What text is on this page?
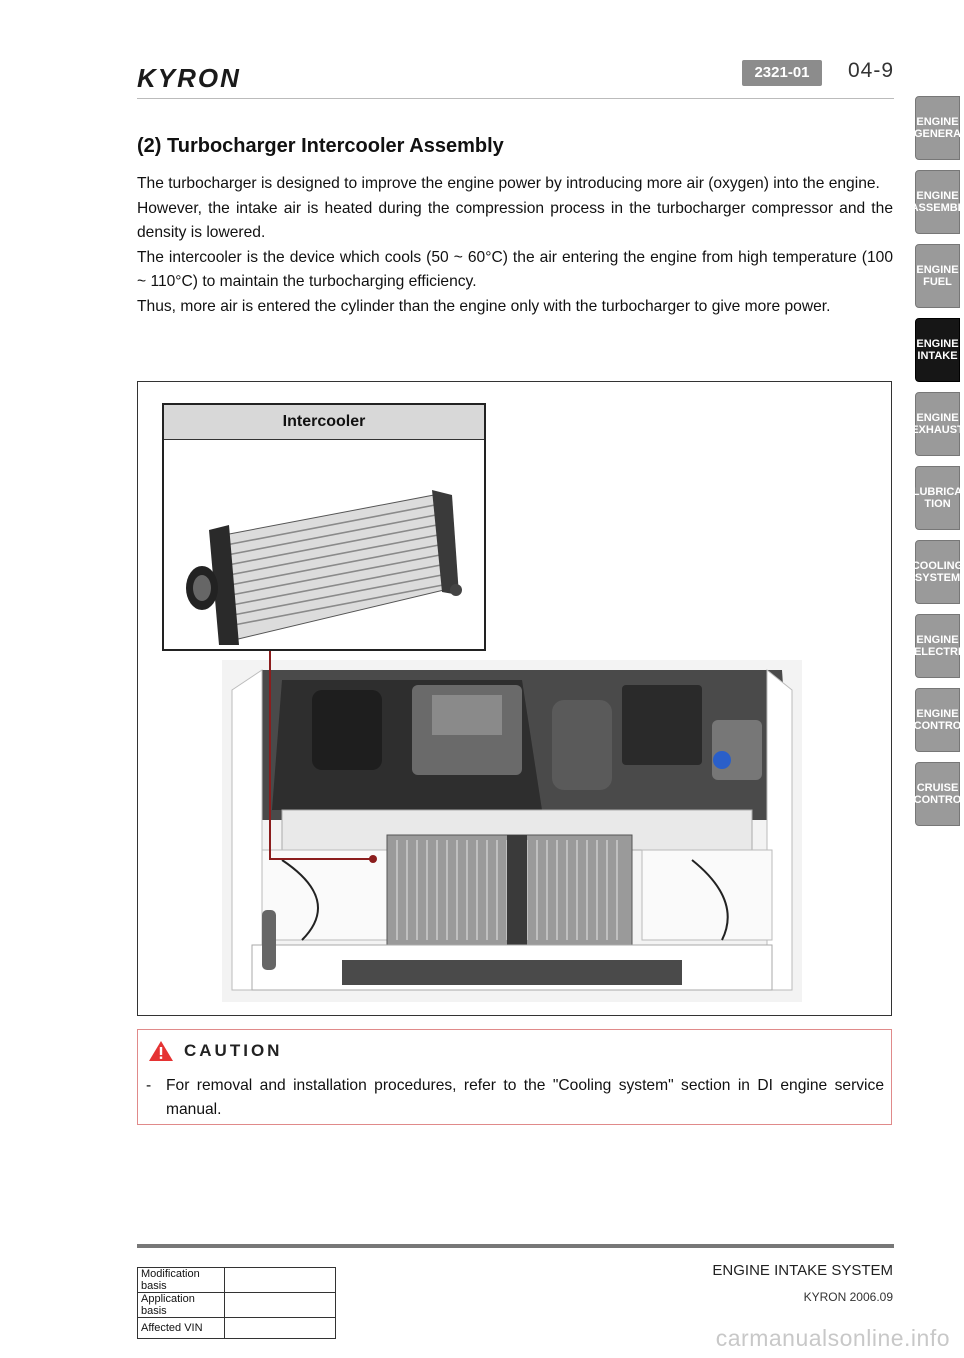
KYRON	2321-01	04-9
ENGINE
GENERA
ENGINE
ASSEMBL
ENGINE
FUEL
ENGINE
INTAKE
ENGINE
EXHAUST
LUBRICA
TION
COOLING
SYSTEM
ENGINE
ELECTRI
ENGINE
CONTRO
CRUISE
CONTRO
(2) Turbocharger Intercooler Assembly

The turbocharger is designed to improve the engine power by introducing more air (oxygen) into the engine.

However, the intake air is heated during the compression process in the turbocharger compressor and the density is lowered.

The intercooler is the device which cools (50 ~ 60°C) the air entering the engine from high temperature (100 ~ 110°C) to maintain the turbocharging efficiency.

Thus, more air is entered the cylinder than the engine only with the turbocharger to give more power.

Intercooler
CAUTION
- For removal and installation procedures, refer to the "Cooling system" section in DI engine service manual.
Modification basis	
Application basis	
Affected VIN	
ENGINE INTAKE SYSTEM
KYRON 2006.09
carmanualsonline.info
